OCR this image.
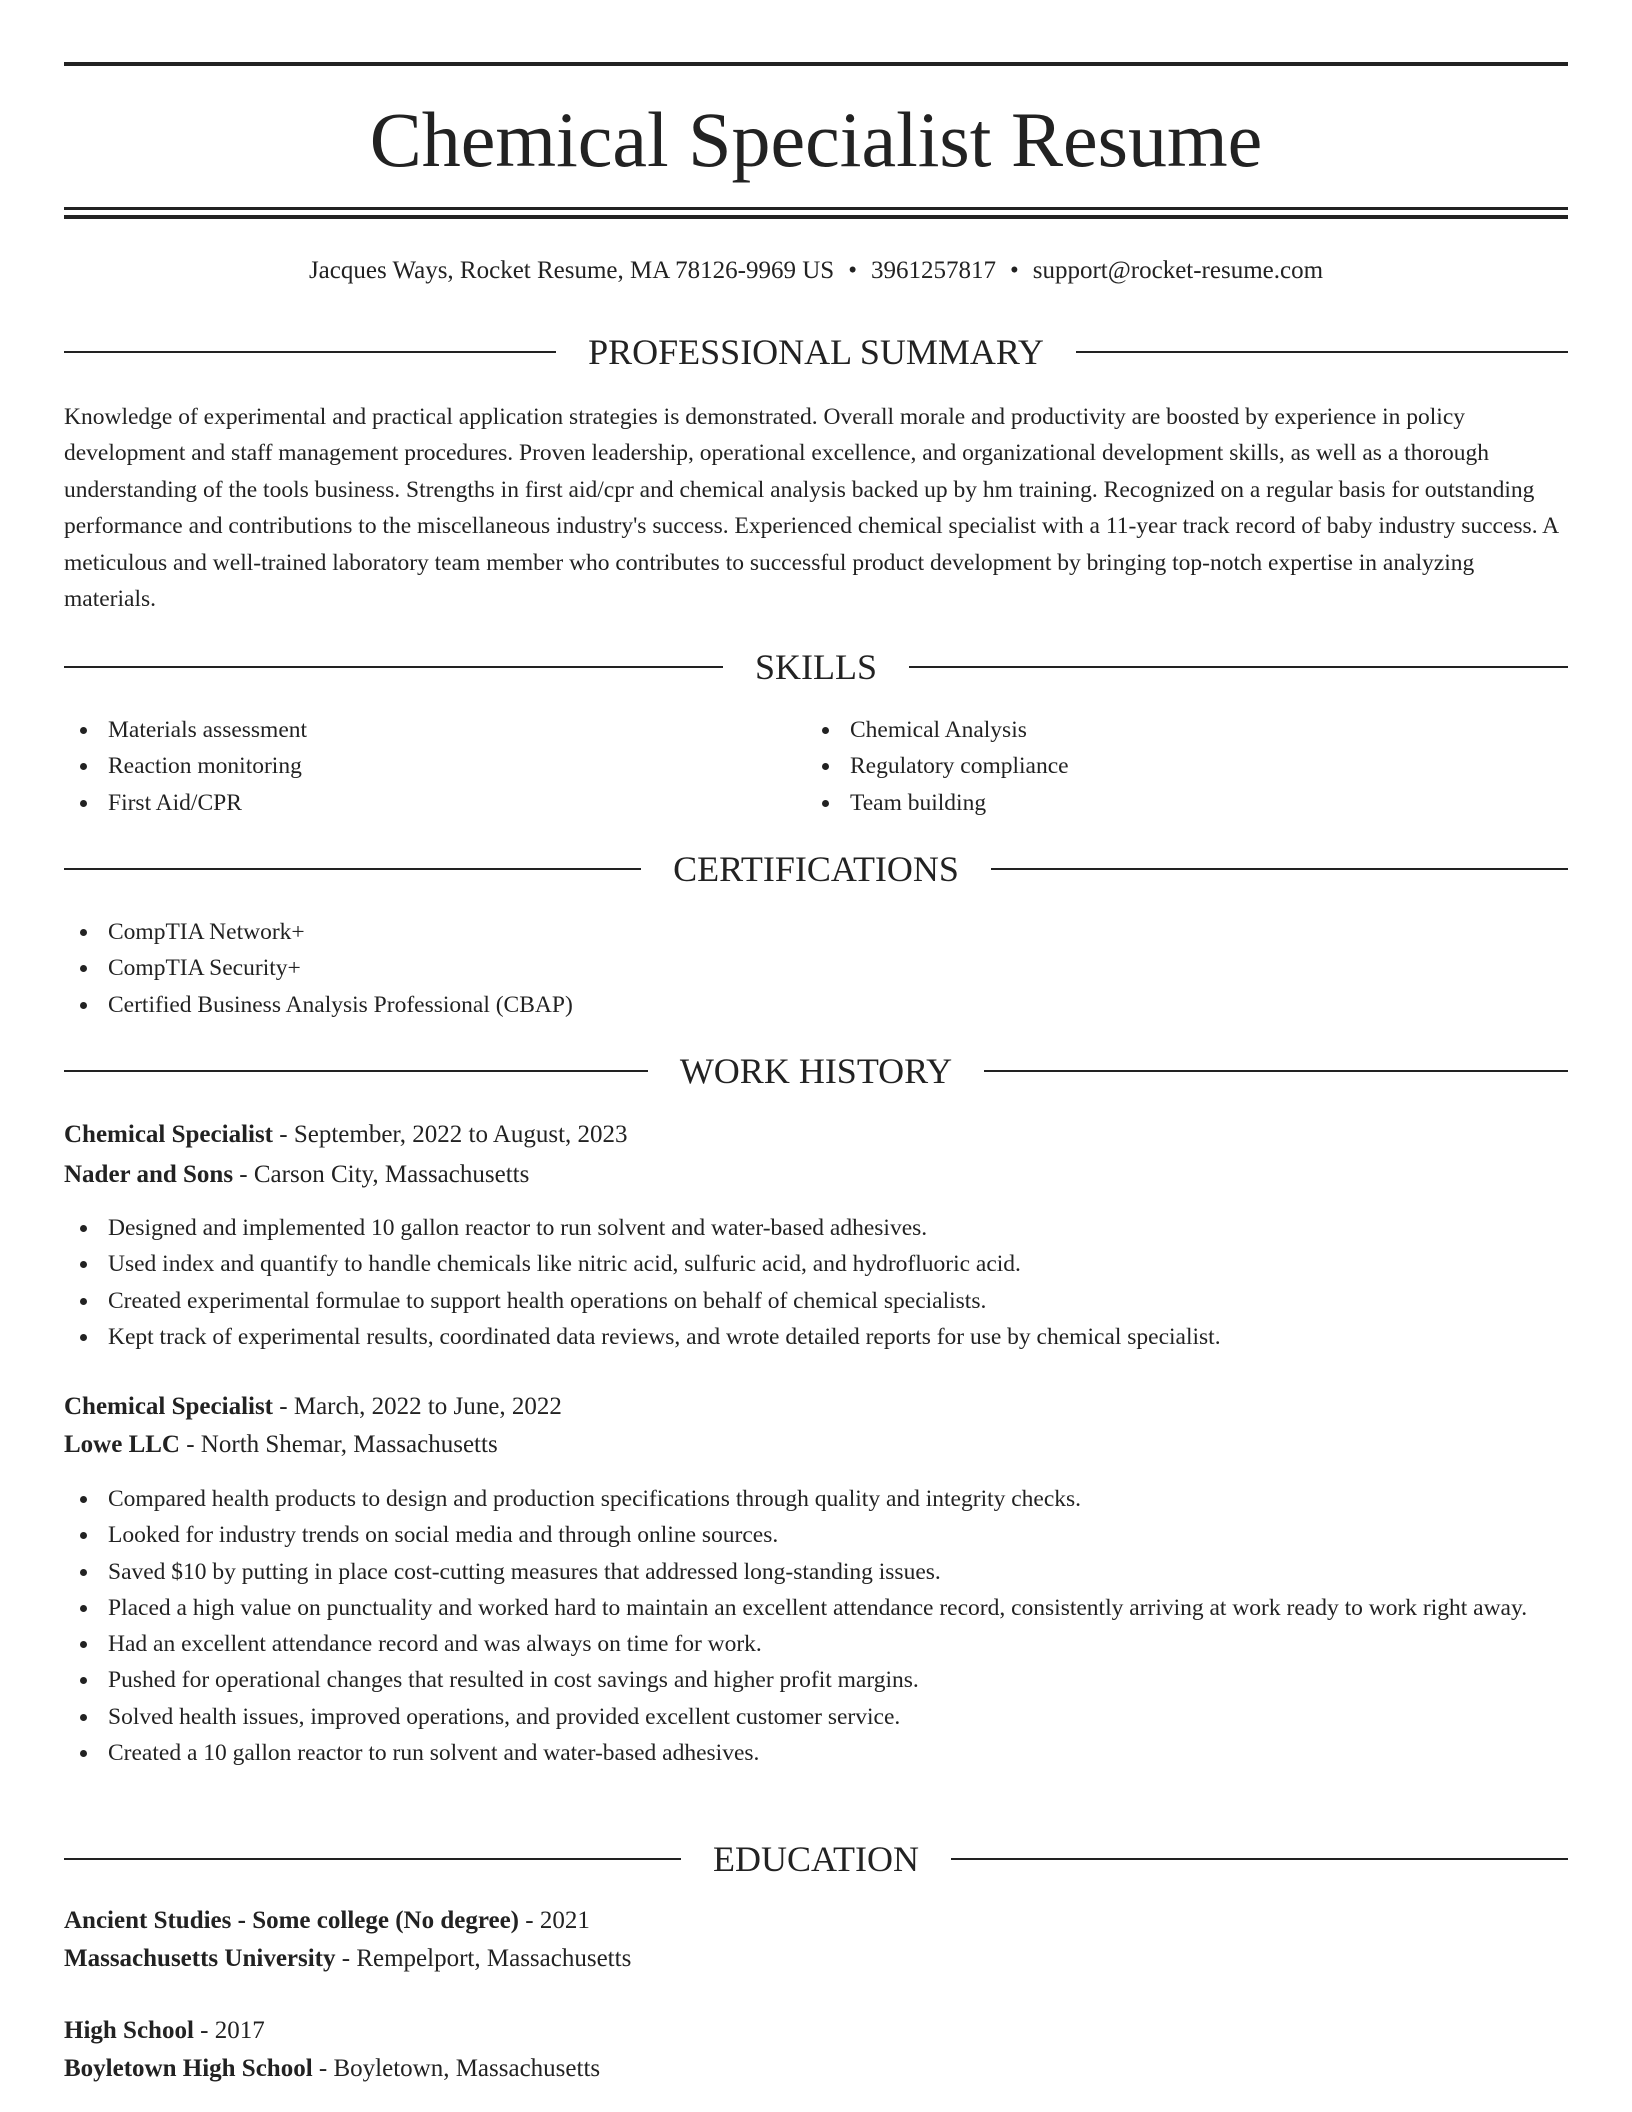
Chemical Specialist Resume
Jacques Ways, Rocket Resume, MA 78126-9969 US • 3961257817 • support@rocket-resume.com
PROFESSIONAL SUMMARY

Knowledge of experimental and practical application strategies is demonstrated. Overall morale and productivity are boosted by experience in policy development and staff management procedures. Proven leadership, operational excellence, and organizational development skills, as well as a thorough understanding of the tools business. Strengths in first aid/cpr and chemical analysis backed up by hm training. Recognized on a regular basis for outstanding performance and contributions to the miscellaneous industry's success. Experienced chemical specialist with a 11-year track record of baby industry success. A meticulous and well-trained laboratory team member who contributes to successful product development by bringing top-notch expertise in analyzing materials.

SKILLS
Materials assessment
Reaction monitoring
First Aid/CPR
Chemical Analysis
Regulatory compliance
Team building
CERTIFICATIONS
CompTIA Network+
CompTIA Security+
Certified Business Analysis Professional (CBAP)
WORK HISTORY
Chemical Specialist - September, 2022 to August, 2023
Nader and Sons - Carson City, Massachusetts
Designed and implemented 10 gallon reactor to run solvent and water-based adhesives.
Used index and quantify to handle chemicals like nitric acid, sulfuric acid, and hydrofluoric acid.
Created experimental formulae to support health operations on behalf of chemical specialists.
Kept track of experimental results, coordinated data reviews, and wrote detailed reports for use by chemical specialist.
Chemical Specialist - March, 2022 to June, 2022
Lowe LLC - North Shemar, Massachusetts
Compared health products to design and production specifications through quality and integrity checks.
Looked for industry trends on social media and through online sources.
Saved $10 by putting in place cost-cutting measures that addressed long-standing issues.
Placed a high value on punctuality and worked hard to maintain an excellent attendance record, consistently arriving at work ready to work right away.
Had an excellent attendance record and was always on time for work.
Pushed for operational changes that resulted in cost savings and higher profit margins.
Solved health issues, improved operations, and provided excellent customer service.
Created a 10 gallon reactor to run solvent and water-based adhesives.
EDUCATION
Ancient Studies - Some college (No degree) - 2021
Massachusetts University - Rempelport, Massachusetts
High School - 2017
Boyletown High School - Boyletown, Massachusetts
